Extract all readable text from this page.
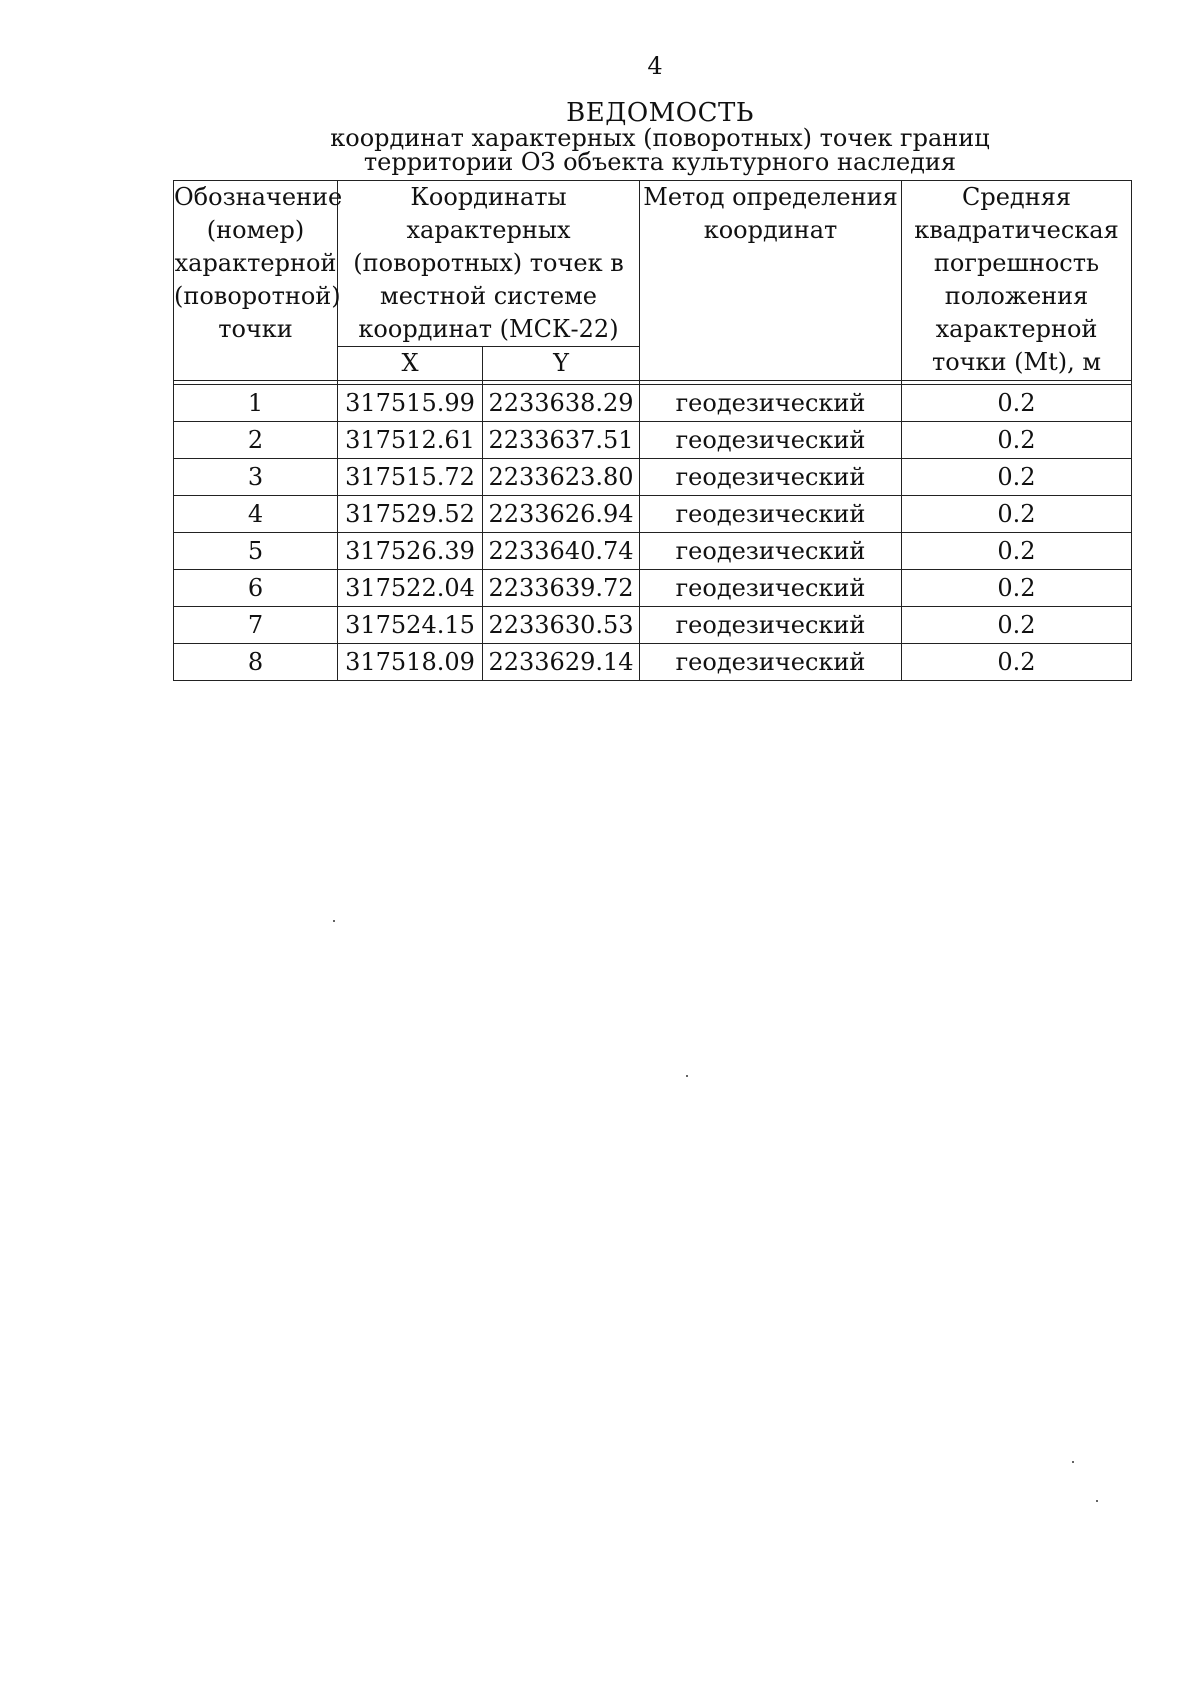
4
ВЕДОМОСТЬ
координат характерных (поворотных) точек границ
территории ОЗ объекта культурного наследия
Обозначение (номер) характерной (поворотной) точки	Координаты характерных (поворотных) точек в местной системе координат (МСК-22)		Метод определения координат	Средняя квадратическая погрешность положения характерной точки (Mt), м
	X	Y		

1	317515.99	2233638.29	геодезический	0.2
2	317512.61	2233637.51	геодезический	0.2
3	317515.72	2233623.80	геодезический	0.2
4	317529.52	2233626.94	геодезический	0.2
5	317526.39	2233640.74	геодезический	0.2
6	317522.04	2233639.72	геодезический	0.2
7	317524.15	2233630.53	геодезический	0.2
8	317518.09	2233629.14	геодезический	0.2
